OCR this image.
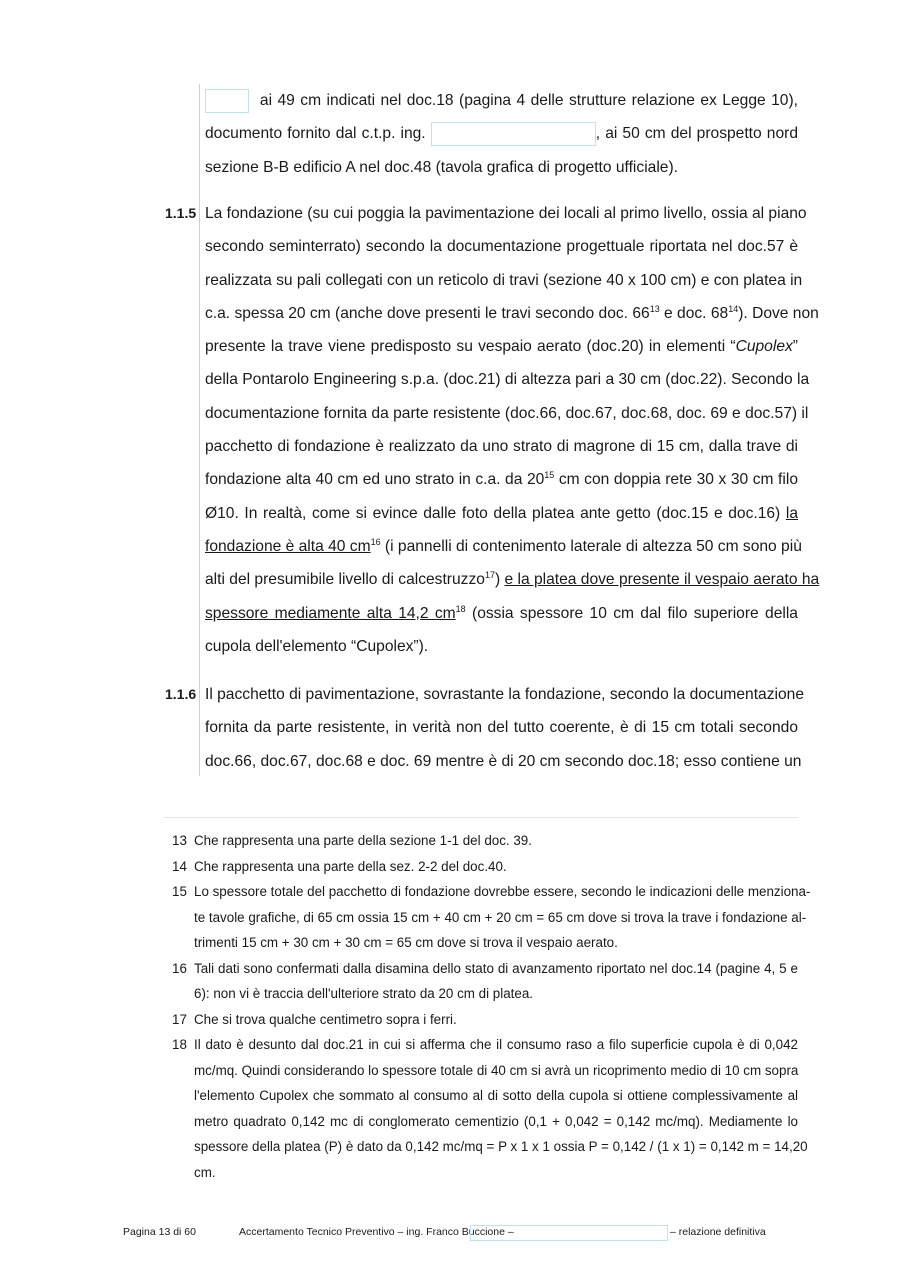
ai 49 cm indicati nel doc.18 (pagina 4 delle strutture relazione ex Legge 10),
documento fornito dal c.t.p. ing.	, ai 50 cm del prospetto nord
sezione B-B edificio A nel doc.48 (tavola grafica di progetto ufficiale).
1.1.5 La fondazione (su cui poggia la pavimentazione dei locali al primo livello, ossia al piano
secondo seminterrato) secondo la documentazione progettuale riportata nel doc.57 è
realizzata su pali collegati con un reticolo di travi (sezione 40 x 100 cm) e con platea in
c.a. spessa 20 cm (anche dove presenti le travi secondo doc. $66^{13}$ e doc. $68^{14}$). Dove non
presente la trave viene predisposto su vespaio aerato (doc.20) in elementi “Cupolex”
della Pontarolo Engineering s.p.a. (doc.21) di altezza pari a 30 cm (doc.22). Secondo la
documentazione fornita da parte resistente (doc.66, doc.67, doc.68, doc. 69 e doc.57) il
pacchetto di fondazione è realizzato da uno strato di magrone di 15 cm, dalla trave di
fondazione alta 40 cm ed uno strato in c.a. da $20^{15}$ cm con doppia rete 30 x 30 cm filo
Ø10. In realtà, come si evince dalle foto della platea ante getto (doc.15 e doc.16) la
fondazione è alta 40 $cm^{16}$ (i pannelli di contenimento laterale di altezza 50 cm sono più
alti del presumibile livello di calcestruzzo$^{17}$) e la platea dove presente il vespaio aerato ha
spessore mediamente alta 14,2 $cm^{18}$ (ossia spessore 10 cm dal filo superiore della
cupola dell'elemento “Cupolex”).
1.1.6 Il pacchetto di pavimentazione, sovrastante la fondazione, secondo la documentazione
fornita da parte resistente, in verità non del tutto coerente, è di 15 cm totali secondo
doc.66, doc.67, doc.68 e doc. 69 mentre è di 20 cm secondo doc.18; esso contiene un
13 Che rappresenta una parte della sezione 1-1 del doc. 39.
14 Che rappresenta una parte della sez. 2-2 del doc.40.
15 Lo spessore totale del pacchetto di fondazione dovrebbe essere, secondo le indicazioni delle menziona-
te tavole grafiche, di 65 cm ossia 15 cm + 40 cm + 20 cm = 65 cm dove si trova la trave i fondazione al-
trimenti 15 cm + 30 cm + 30 cm = 65 cm dove si trova il vespaio aerato.
16 Tali dati sono confermati dalla disamina dello stato di avanzamento riportato nel doc.14 (pagine 4, 5 e
6): non vi è traccia dell'ulteriore strato da 20 cm di platea.
17 Che si trova qualche centimetro sopra i ferri.
18 Il dato è desunto dal doc.21 in cui si afferma che il consumo raso a filo superficie cupola è di 0,042
mc/mq. Quindi considerando lo spessore totale di 40 cm si avrà un ricoprimento medio di 10 cm sopra
l'elemento Cupolex che sommato al consumo al di sotto della cupola si ottiene complessivamente al
metro quadrato 0,142 mc di conglomerato cementizio (0,1 + 0,042 = 0,142 mc/mq). Mediamente lo
spessore della platea (P) è dato da 0,142 mc/mq = P x 1 x 1 ossia P = 0,142 / (1 x 1) = 0,142 m = 14,20
cm.
Pagina 13 di 60	Accertamento Tecnico Preventivo – ing. Franco Buccione –	– relazione definitiva
